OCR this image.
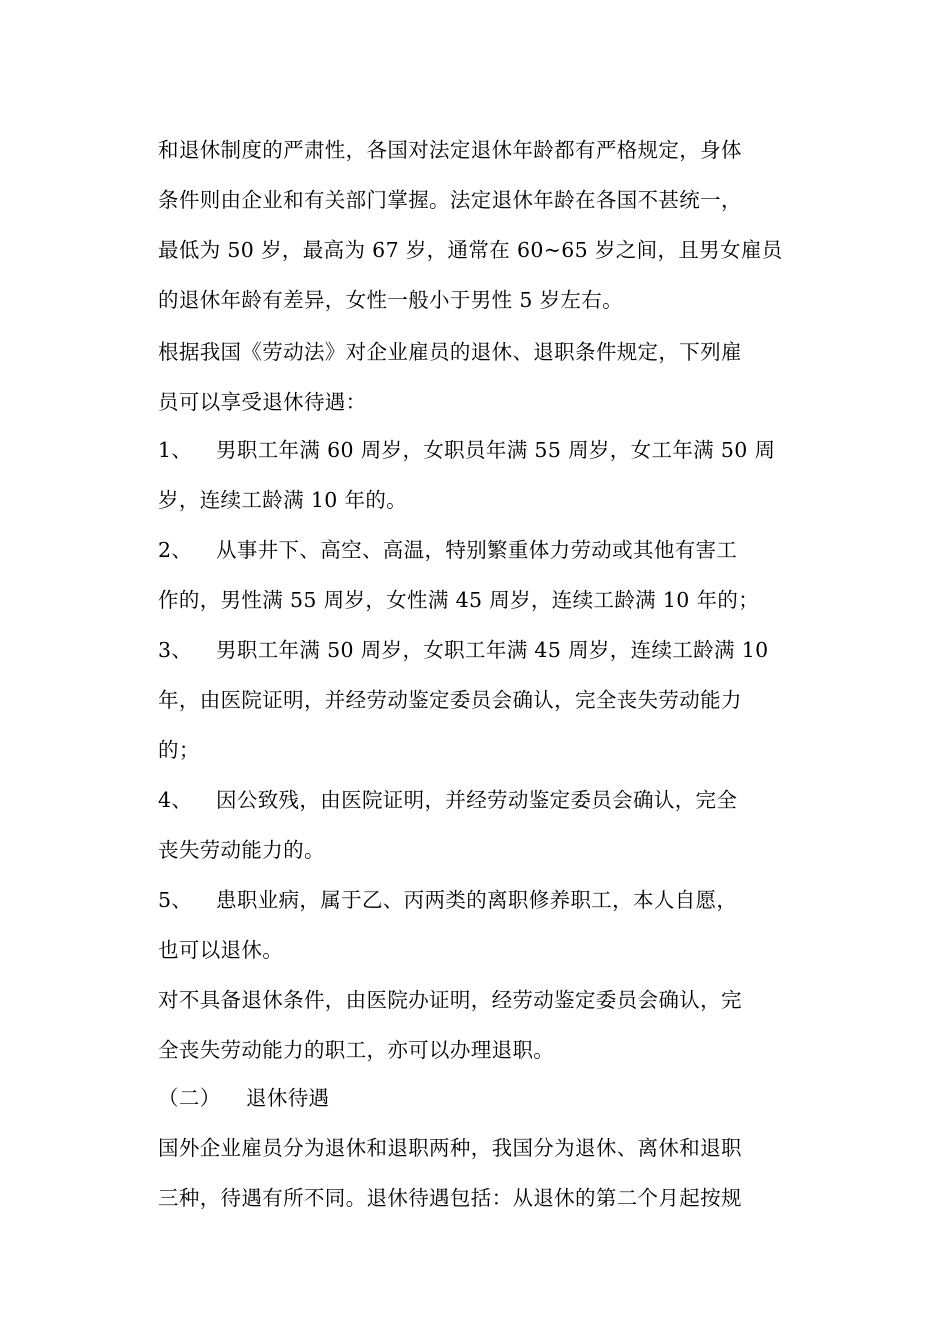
和退休制度的严肃性，各国对法定退休年龄都有严格规定，身体
条件则由企业和有关部门掌握。法定退休年龄在各国不甚统一，
最低为 50 岁，最高为 67 岁，通常在 60~65 岁之间，且男女雇员
的退休年龄有差异，女性一般小于男性 5 岁左右。
根据我国《劳动法》对企业雇员的退休、退职条件规定，下列雇
员可以享受退休待遇：
1、 男职工年满 60 周岁，女职员年满 55 周岁，女工年满 50 周
岁，连续工龄满 10 年的。
2、 从事井下、高空、高温，特别繁重体力劳动或其他有害工
作的，男性满 55 周岁，女性满 45 周岁，连续工龄满 10 年的；
3、 男职工年满 50 周岁，女职工年满 45 周岁，连续工龄满 10
年，由医院证明，并经劳动鉴定委员会确认，完全丧失劳动能力
的；
4、 因公致残，由医院证明，并经劳动鉴定委员会确认，完全
丧失劳动能力的。
5、 患职业病，属于乙、丙两类的离职修养职工，本人自愿，
也可以退休。
对不具备退休条件，由医院办证明，经劳动鉴定委员会确认，完
全丧失劳动能力的职工，亦可以办理退职。
（二） 退休待遇
国外企业雇员分为退休和退职两种，我国分为退休、离休和退职
三种，待遇有所不同。退休待遇包括：从退休的第二个月起按规
